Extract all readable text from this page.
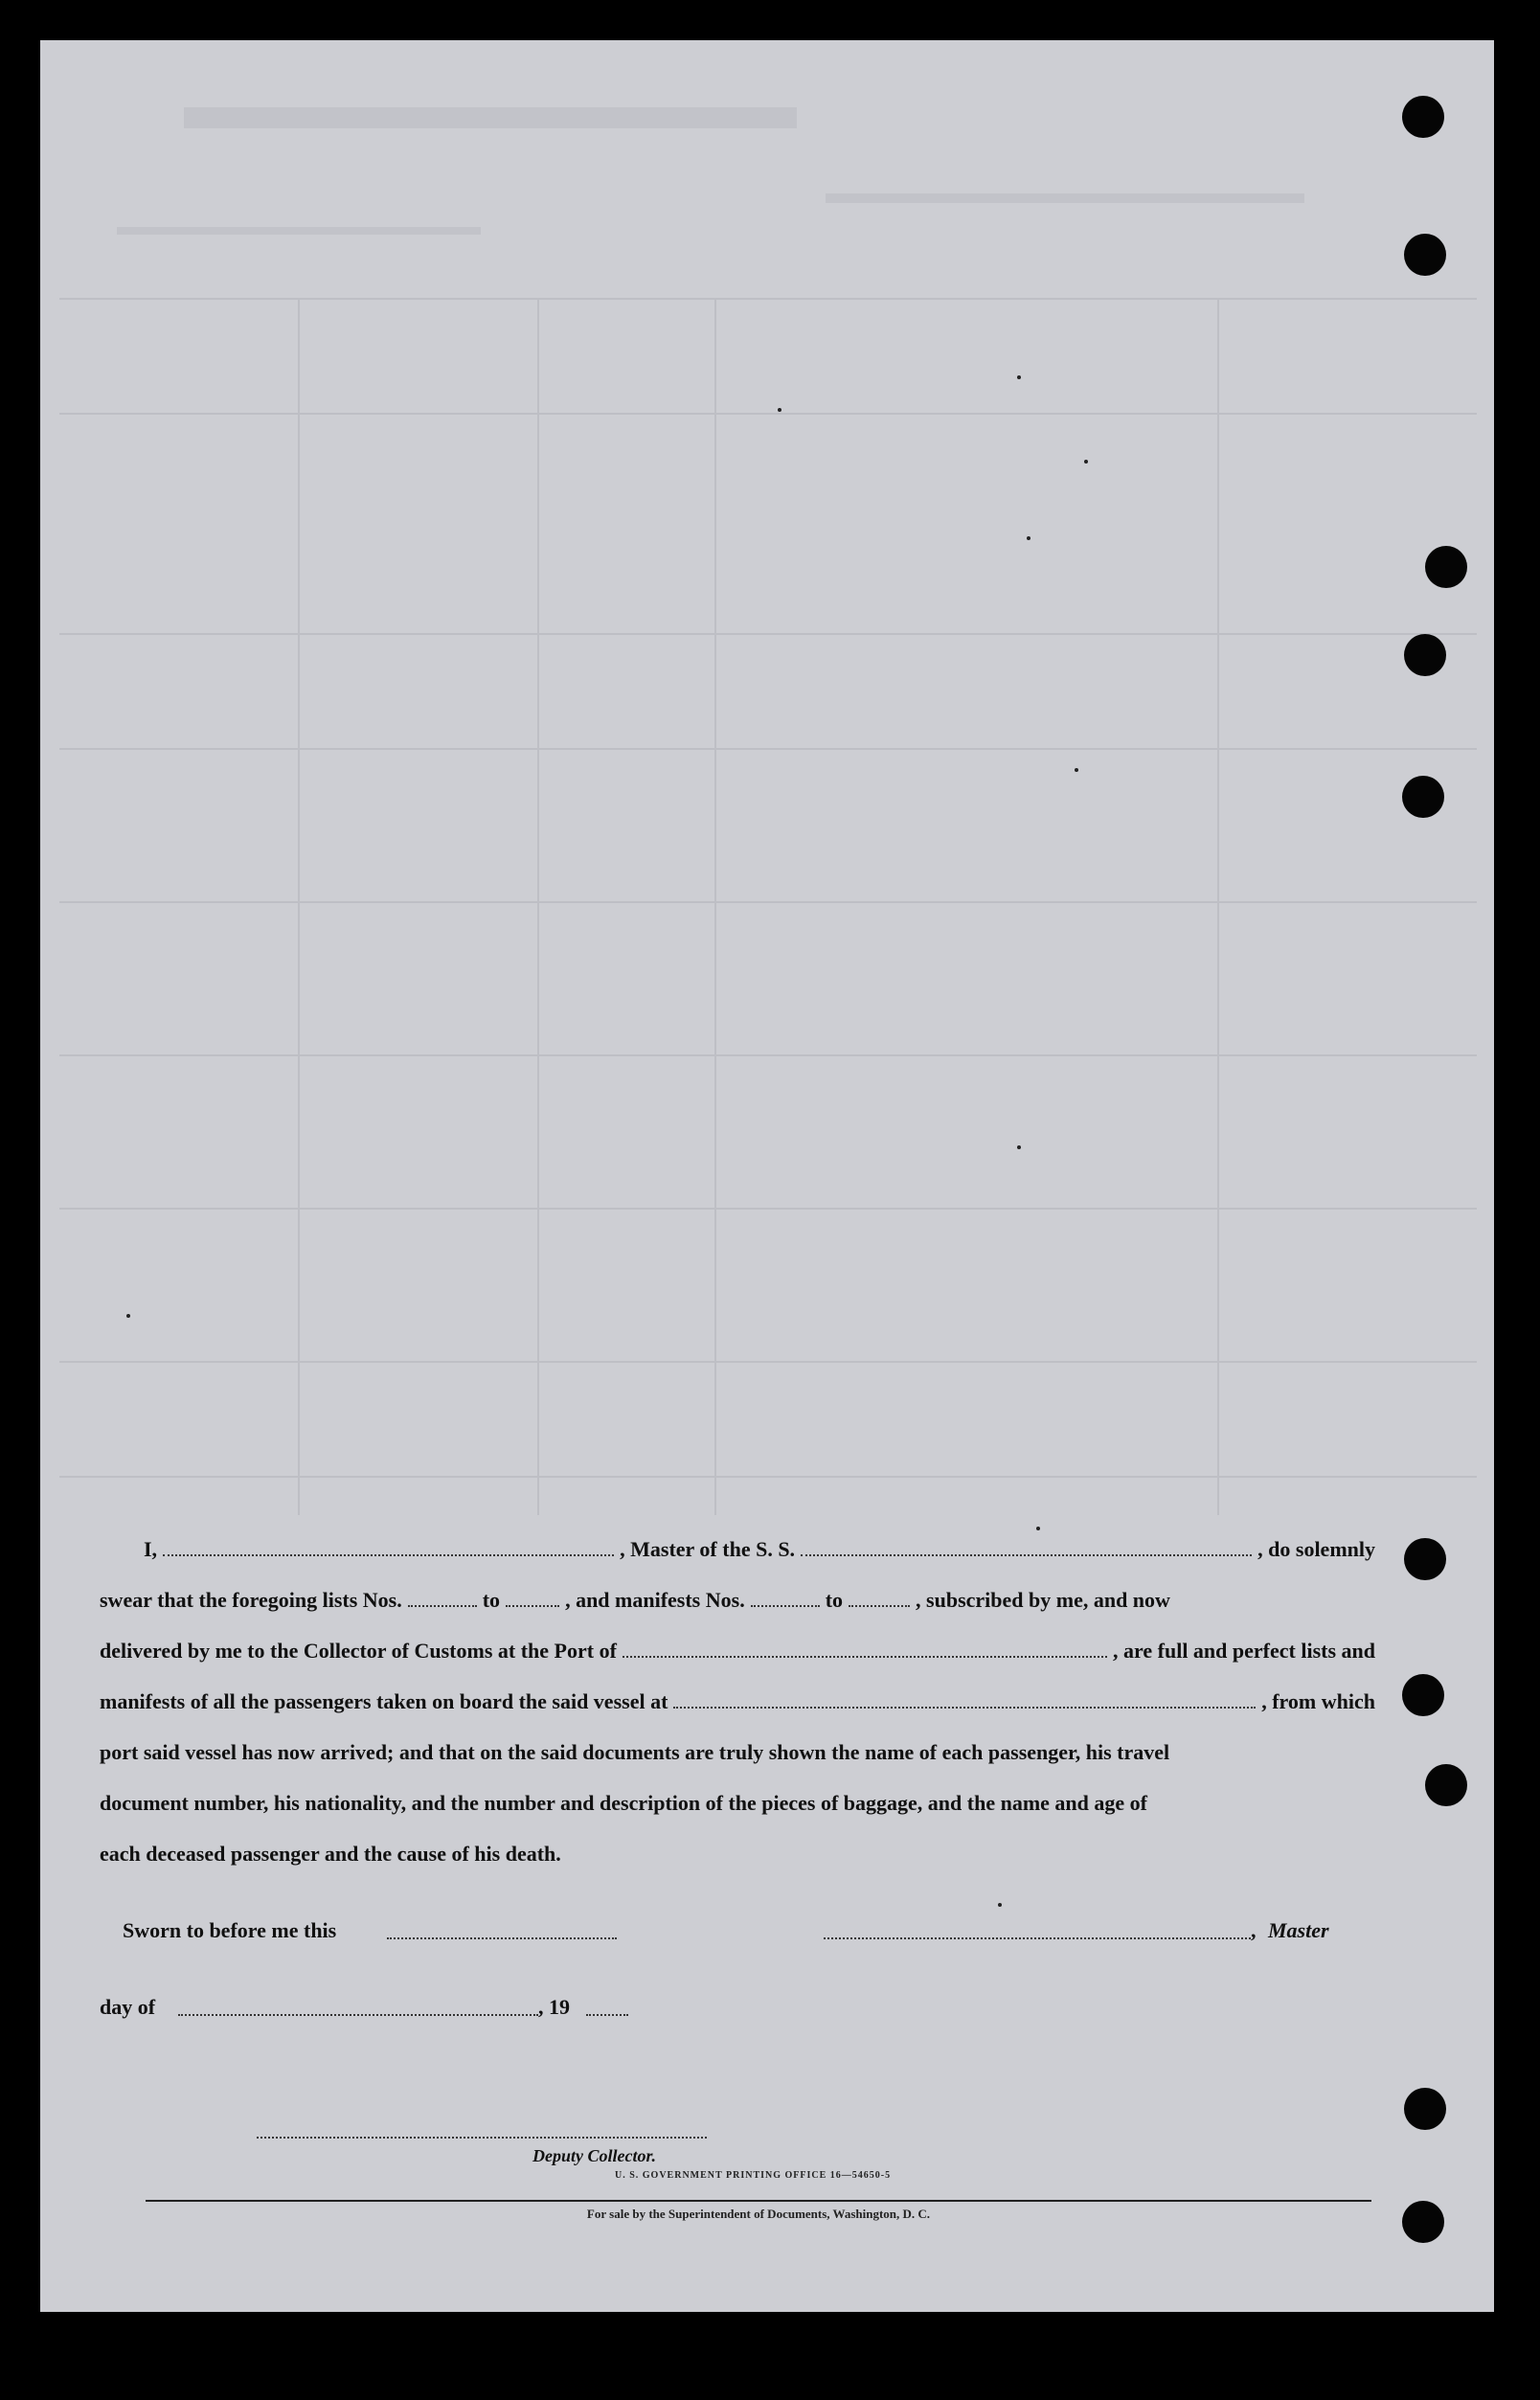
I,	, Master of the S. S.	, do solemnly
swear that the foregoing lists Nos.	to	, and manifests Nos.	to	, subscribed by me, and now
delivered by me to the Collector of Customs at the Port of	, are full and perfect lists and
manifests of all the passengers taken on board the said vessel at	, from which
port said vessel has now arrived; and that on the said documents are truly shown the name of each passenger, his travel
document number, his nationality, and the number and description of the pieces of baggage, and the name and age of
each deceased passenger and the cause of his death.
Sworn to before me this	, Master
day of	, 19
Deputy Collector.
U. S. GOVERNMENT PRINTING OFFICE 16—54650-5
For sale by the Superintendent of Documents, Washington, D. C.
